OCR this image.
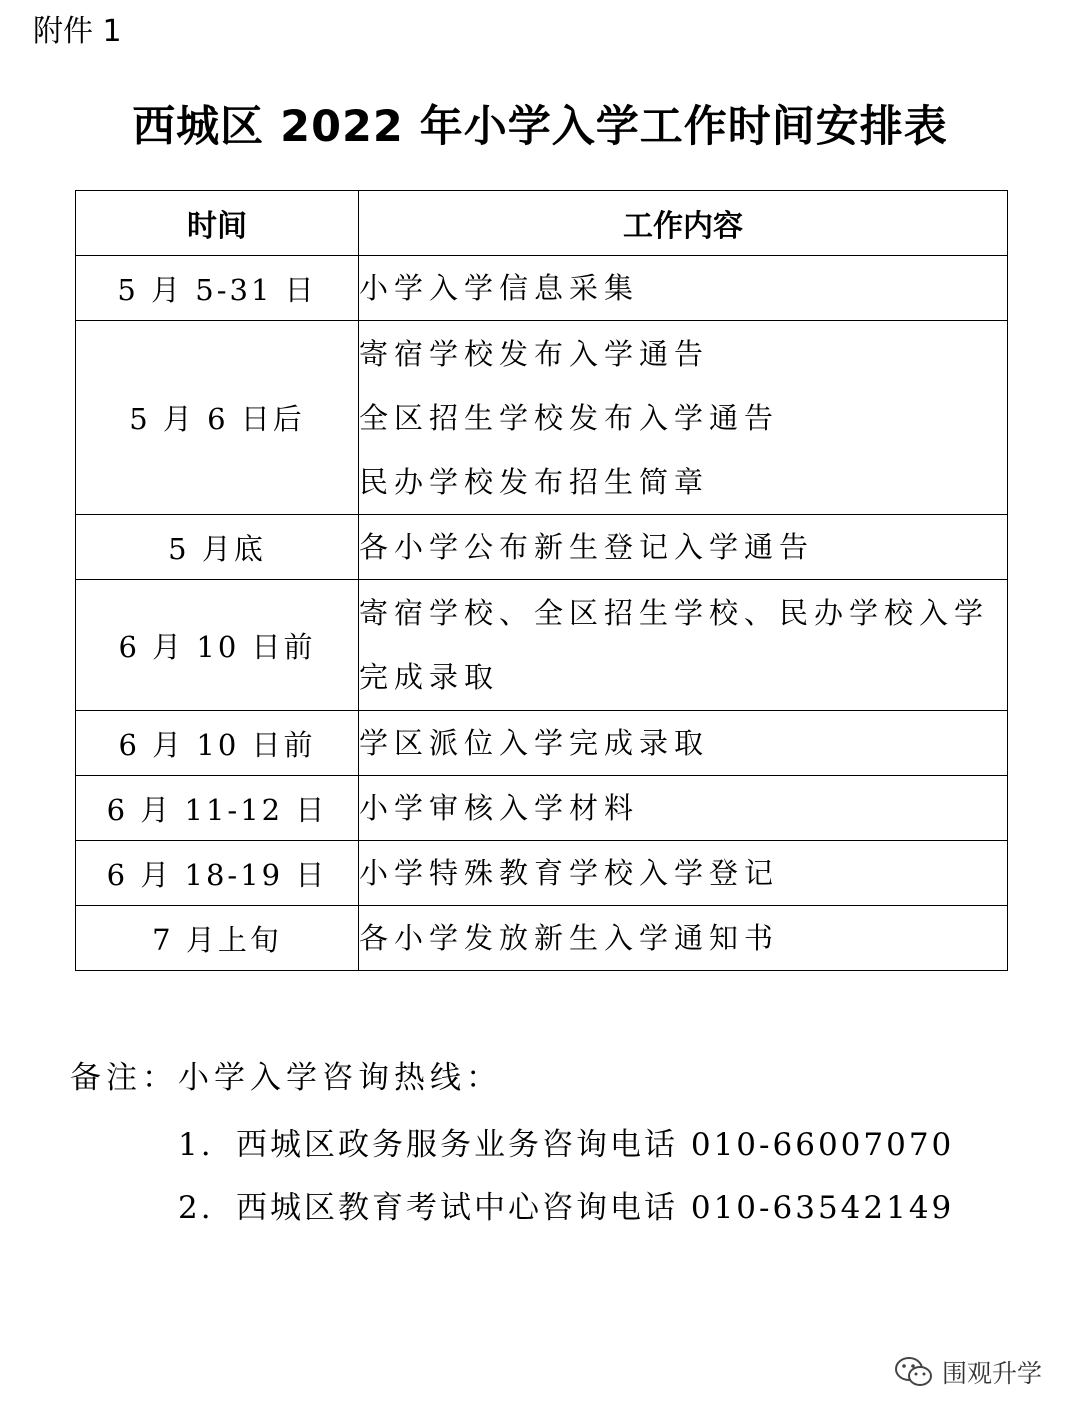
附件 1
西城区 2022 年小学入学工作时间安排表
时间	工作内容
5 月 5-31 日	小学入学信息采集

5 月 6 日后	寄宿学校发布入学通告
全区招生学校发布入学通告
民办学校发布招生简章

5 月底	各小学公布新生登记入学通告

6 月 10 日前	寄宿学校、全区招生学校、民办学校入学
完成录取

6 月 10 日前	学区派位入学完成录取

6 月 11-12 日	小学审核入学材料

6 月 18-19 日	小学特殊教育学校入学登记

7 月上旬	各小学发放新生入学通知书
备注：小学入学咨询热线：
1. 西城区政务服务业务咨询电话 010-66007070
2. 西城区教育考试中心咨询电话 010-63542149
围观升学
